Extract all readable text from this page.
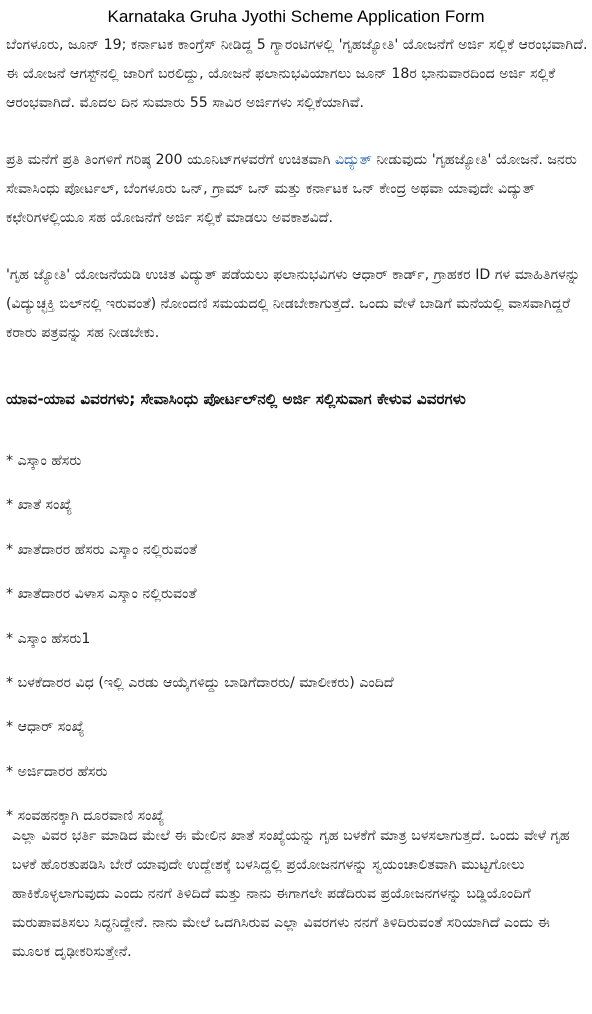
Karnataka Gruha Jyothi Scheme Application Form

ಬೆಂಗಳೂರು, ಜೂನ್ 19; ಕರ್ನಾಟಕ ಕಾಂಗ್ರೆಸ್ ನೀಡಿದ್ದ 5 ಗ್ಯಾರಂಟಿಗಳಲ್ಲಿ 'ಗೃಹಜ್ಯೋತಿ' ಯೋಜನೆಗೆ ಅರ್ಜಿ ಸಲ್ಲಿಕೆ ಆರಂಭವಾಗಿದೆ. ಈ ಯೋಜನೆ ಆಗಸ್ಟ್‌ನಲ್ಲಿ ಜಾರಿಗೆ ಬರಲಿದ್ದು, ಯೋಜನೆ ಫಲಾನುಭವಿಯಾಗಲು ಜೂನ್ 18ರ ಭಾನುವಾರದಿಂದ ಅರ್ಜಿ ಸಲ್ಲಿಕೆ ಆರಂಭವಾಗಿದೆ. ಮೊದಲ ದಿನ ಸುಮಾರು 55 ಸಾವಿರ ಅರ್ಜಿಗಳು ಸಲ್ಲಿಕೆಯಾಗಿವೆ.

ಪ್ರತಿ ಮನೆಗೆ ಪ್ರತಿ ತಿಂಗಳಿಗೆ ಗರಿಷ್ಠ 200 ಯೂನಿಟ್‌ಗಳವರೆಗೆ ಉಚಿತವಾಗಿ ವಿದ್ಯುತ್ ನೀಡುವುದು 'ಗೃಹಜ್ಯೋತಿ' ಯೋಜನೆ. ಜನರು ಸೇವಾಸಿಂಧು ಪೋರ್ಟಲ್, ಬೆಂಗಳೂರು ಒನ್, ಗ್ರಾಮ್ ಒನ್ ಮತ್ತು ಕರ್ನಾಟಕ ಒನ್ ಕೇಂದ್ರ ಅಥವಾ ಯಾವುದೇ ವಿದ್ಯುತ್ ಕಛೇರಿಗಳಲ್ಲಿಯೂ ಸಹ ಯೋಜನೆಗೆ ಅರ್ಜಿ ಸಲ್ಲಿಕೆ ಮಾಡಲು ಅವಕಾಶವಿದೆ.

'ಗೃಹ ಜ್ಯೋತಿ' ಯೋಜನೆಯಡಿ ಉಚಿತ ವಿದ್ಯುತ್ ಪಡೆಯಲು ಫಲಾನುಭವಿಗಳು ಆಧಾರ್ ಕಾರ್ಡ್, ಗ್ರಾಹಕರ ID ಗಳ ಮಾಹಿತಿಗಳನ್ನು (ವಿದ್ಯುಚ್ಛಕ್ತಿ ಬಿಲ್‌ನಲ್ಲಿ ಇರುವಂತೆ) ನೋಂದಣಿ ಸಮಯದಲ್ಲಿ ನೀಡಬೇಕಾಗುತ್ತದೆ. ಒಂದು ವೇಳೆ ಬಾಡಿಗೆ ಮನೆಯಲ್ಲಿ ವಾಸವಾಗಿದ್ದರೆ ಕರಾರು ಪತ್ರವನ್ನು ಸಹ ನೀಡಬೇಕು.

ಯಾವ-ಯಾವ ವಿವರಗಳು; ಸೇವಾಸಿಂಧು ಪೋರ್ಟಲ್‌ನಲ್ಲಿ ಅರ್ಜಿ ಸಲ್ಲಿಸುವಾಗ ಕೇಳುವ ವಿವರಗಳು
* ಎಸ್ಕಾಂ ಹೆಸರು
* ಖಾತೆ ಸಂಖ್ಯೆ
* ಖಾತೆದಾರರ ಹೆಸರು ಎಸ್ಕಾಂ ನಲ್ಲಿರುವಂತೆ
* ಖಾತೆದಾರರ ವಿಳಾಸ ಎಸ್ಕಾಂ ನಲ್ಲಿರುವಂತೆ
* ಎಸ್ಕಾಂ ಹೆಸರು1
* ಬಳಕೆದಾರರ ವಿಧ (ಇಲ್ಲಿ ಎರಡು ಆಯ್ಕೆಗಳಿದ್ದು ಬಾಡಿಗೆದಾರರು/ ಮಾಲೀಕರು) ಎಂದಿದೆ
* ಆಧಾರ್ ಸಂಖ್ಯೆ
* ಅರ್ಜಿದಾರರ ಹೆಸರು
* ಸಂವಹನಕ್ಕಾಗಿ ದೂರವಾಣಿ ಸಂಖ್ಯೆ

ಎಲ್ಲಾ ವಿವರ ಭರ್ತಿ ಮಾಡಿದ ಮೇಲೆ ಈ ಮೇಲಿನ ಖಾತೆ ಸಂಖ್ಯೆಯನ್ನು ಗೃಹ ಬಳಕೆಗೆ ಮಾತ್ರ ಬಳಸಲಾಗುತ್ತದೆ. ಒಂದು ವೇಳೆ ಗೃಹ ಬಳಕೆ ಹೊರತುಪಡಿಸಿ ಬೇರೆ ಯಾವುದೇ ಉದ್ದೇಶಕ್ಕೆ ಬಳಸಿದ್ದಲ್ಲಿ ಪ್ರಯೋಜನಗಳನ್ನು ಸ್ವಯಂಚಾಲಿತವಾಗಿ ಮುಟ್ಟಗೋಲು ಹಾಕಿಕೊಳ್ಳಲಾಗುವುದು ಎಂದು ನನಗೆ ತಿಳಿದಿದೆ ಮತ್ತು ನಾನು ಈಗಾಗಲೇ ಪಡೆದಿರುವ ಪ್ರಯೋಜನಗಳನ್ನು ಬಡ್ಡಿಯೊಂದಿಗೆ ಮರುಪಾವತಿಸಲು ಸಿದ್ಧನಿದ್ದೇನೆ. ನಾನು ಮೇಲೆ ಒದಗಿಸಿರುವ ಎಲ್ಲಾ ವಿವರಗಳು ನನಗೆ ತಿಳಿದಿರುವಂತೆ ಸರಿಯಾಗಿದೆ ಎಂದು ಈ ಮೂಲಕ ದೃಢೀಕರಿಸುತ್ತೇನೆ.
